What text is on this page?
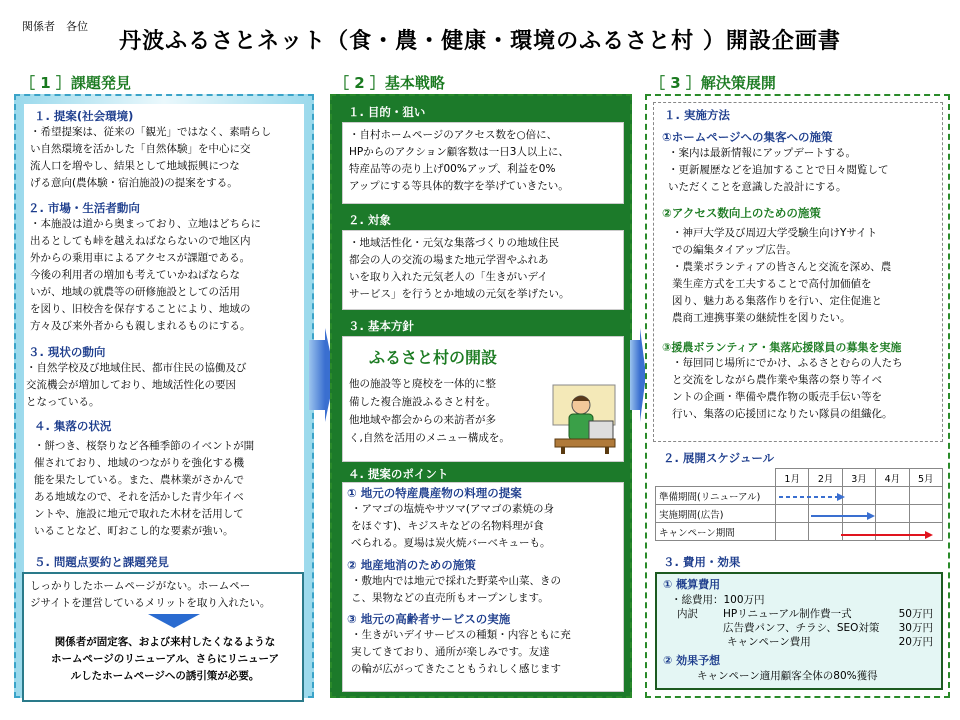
関係者　各位
丹波ふるさとネット（食・農・健康・環境のふるさと村 ）開設企画書
［ 1 ］課題発見
１. 提案(社会環境)
・希望提案は、従来の「観光」ではなく、素晴らし
い自然環境を活かした「自然体験」を中心に交
流人口を増やし、結果として地域振興につな
げる意向(農体験・宿泊施設)の提案をする。
２. 市場・生活者動向
・本施設は道から奥まっており、立地はどちらに
出るとしても峠を越えねばならないので地区内
外からの乗用車によるアクセスが課題である。
今後の利用者の増加も考えていかねばならな
いが、地域の就農等の研修施設としての活用
を図り、旧校舎を保存することにより、地域の
方々及び来外者からも親しまれるものにする。
３. 現状の動向
・自然学校及び地域住民、都市住民の協働及び
交流機会が増加しており、地域活性化の要因
となっている。
４. 集落の状況
・餅つき、桜祭りなど各種季節のイベントが開
催されており、地域のつながりを強化する機
能を果たしている。また、農林業がさかんで
ある地域なので、それを活かした青少年イベ
ントや、施設に地元で取れた木材を活用して
いることなど、町おこし的な要素が強い。
５. 問題点要約と課題発見
しっかりしたホームページがない。ホームペー
ジサイトを運営しているメリットを取り入れたい。
関係者が固定客、および来村したくなるような
ホームページのリニューアル、さらにリニューア
ルしたホームページへの誘引策が必要。
［ 2 ］基本戦略
１. 目的・狙い
・自村ホームページのアクセス数を○倍に、
HPからのアクション顧客数は一日3人以上に、
特産品等の売り上げ00%アップ、利益を0%
アップにする等具体的数字を挙げていきたい。
２. 対象
・地域活性化・元気な集落づくりの地域住民
都会の人の交流の場また地元学習やふれあ
いを取り入れた元気老人の「生きがいデイ
サービス」を行うとか地域の元気を挙げたい。
３. 基本方針
ふるさと村の開設
他の施設等と廃校を一体的に整
備した複合施設ふるさと村を。
他地域や都会からの来訪者が多
く,自然を活用のメニュー構成を。
４. 提案のポイント
① 地元の特産農産物の料理の提案
・アマゴの塩焼やサツマ(アマゴの素焼の身
をほぐす)、キジスキなどの名物料理が食
べられる。夏場は炭火焼バーベキューも。
② 地産地消のための施策
・敷地内では地元で採れた野菜や山菜、きの
こ、果物などの直売所もオープンします。
③ 地元の高齢者サービスの実施
・生きがいデイサービスの種類・内容ともに充
実してきており、通所が楽しみです。友達
の輪が広がってきたこともうれしく感じます
［ 3 ］解決策展開
１. 実施方法
①ホームページへの集客への施策
・案内は最新情報にアップデートする。
・更新履歴などを追加することで日々閲覧して
いただくことを意識した設計にする。
②アクセス数向上のための施策
・神戸大学及び周辺大学受験生向けYサイト
での編集タイアップ広告。
・農業ボランティアの皆さんと交流を深め、農
業生産方式を工夫することで高付加価値を
図り、魅力ある集落作りを行い、定住促進と
農商工連携事業の継続性を図りたい。
③援農ボランティア・集落応援隊員の募集を実施
・毎回同じ場所にでかけ、ふるさとむらの人たち
と交流をしながら農作業や集落の祭り等イベ
ントの企画・準備や農作物の販売手伝い等を
行い、集落の応援団になりたい隊員の組織化。
２. 展開スケジュール
	1月	2月	3月	4月	5月
準備期間(リニューアル)					
実施期間(広告)					
キャンペーン期間					
３. 費用・効果
① 概算費用
・総費用：100万円
内訳 HPリニューアル制作費一式	50万円
広告費パンフ、チラシ、SEO対策 30万円
キャンペーン費用	20万円
② 効果予想
キャンペーン適用顧客全体の80%獲得
